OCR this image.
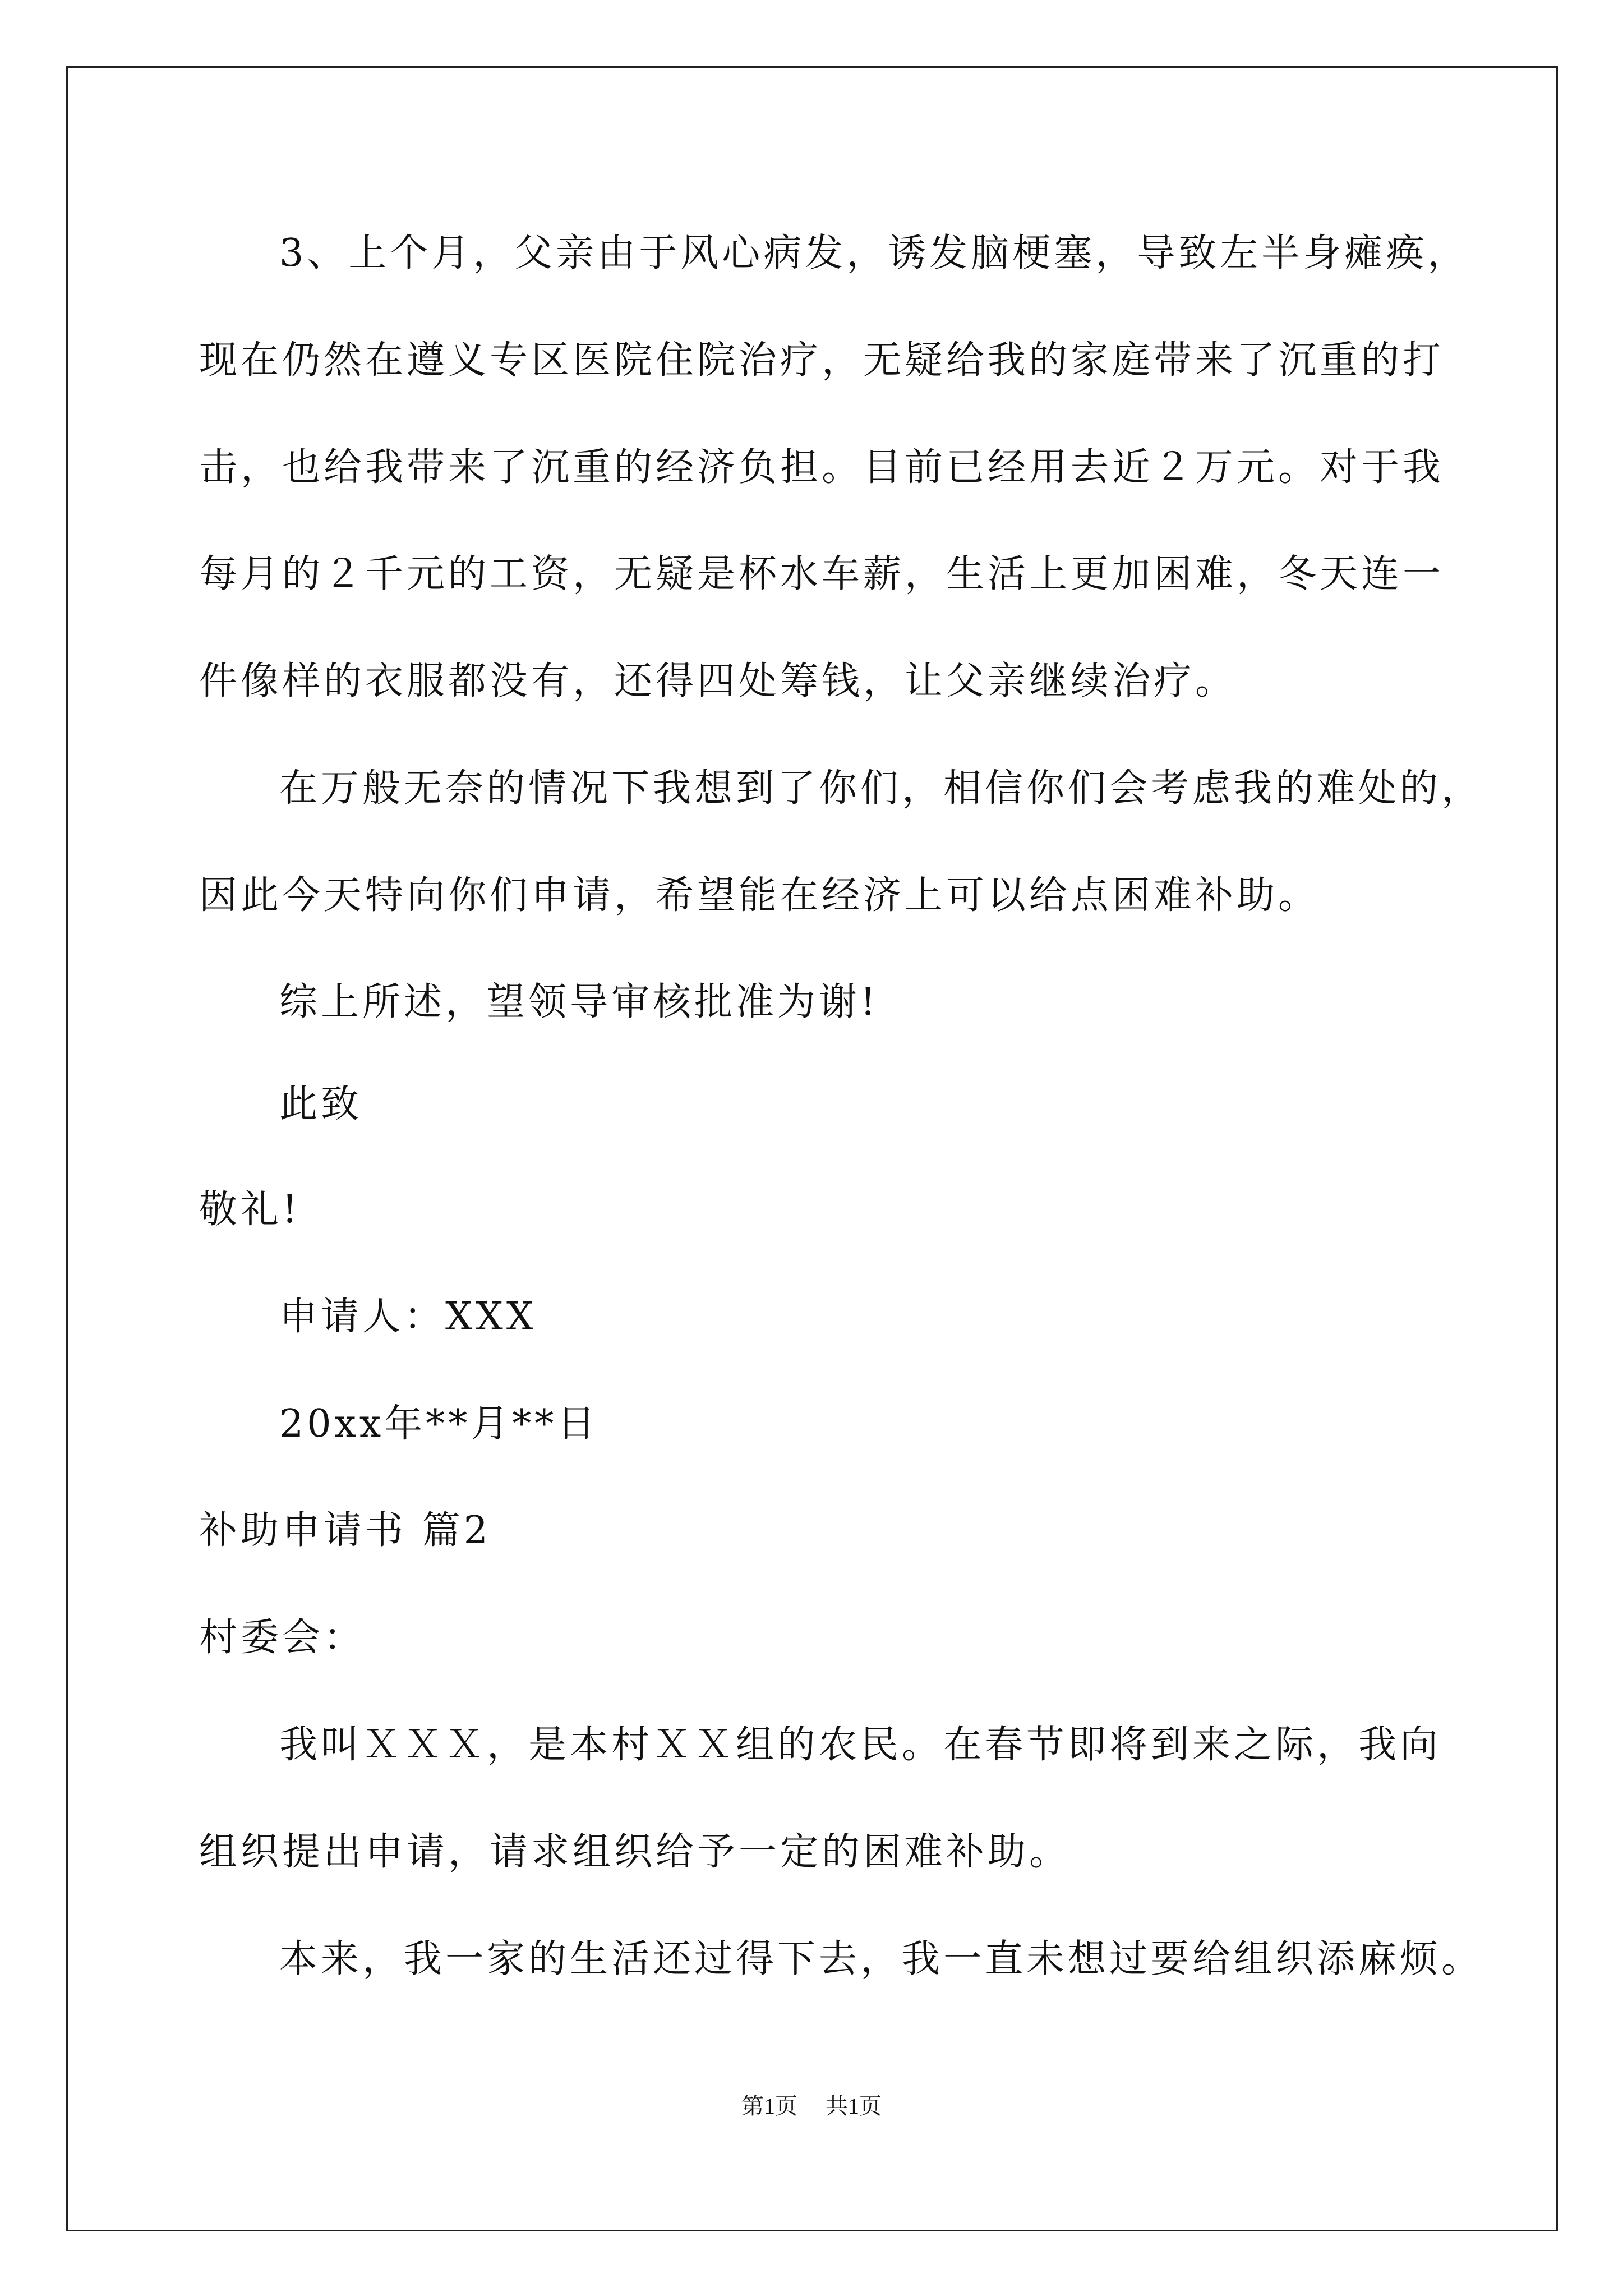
3、上个月，父亲由于风心病发，诱发脑梗塞，导致左半身瘫痪，
现在仍然在遵义专区医院住院治疗，无疑给我的家庭带来了沉重的打
击，也给我带来了沉重的经济负担。目前已经用去近２万元。对于我
每月的２千元的工资，无疑是杯水车薪，生活上更加困难，冬天连一
件像样的衣服都没有，还得四处筹钱，让父亲继续治疗。
在万般无奈的情况下我想到了你们，相信你们会考虑我的难处的，
因此今天特向你们申请，希望能在经济上可以给点困难补助。
综上所述，望领导审核批准为谢!
此致
敬礼!
申请人：XXX
20xx年**月**日
补助申请书 篇2
村委会：
我叫ＸＸＸ，是本村ＸＸ组的农民。在春节即将到来之际，我向
组织提出申请，请求组织给予一定的困难补助。
本来，我一家的生活还过得下去，我一直未想过要给组织添麻烦。
第1页 共1页
